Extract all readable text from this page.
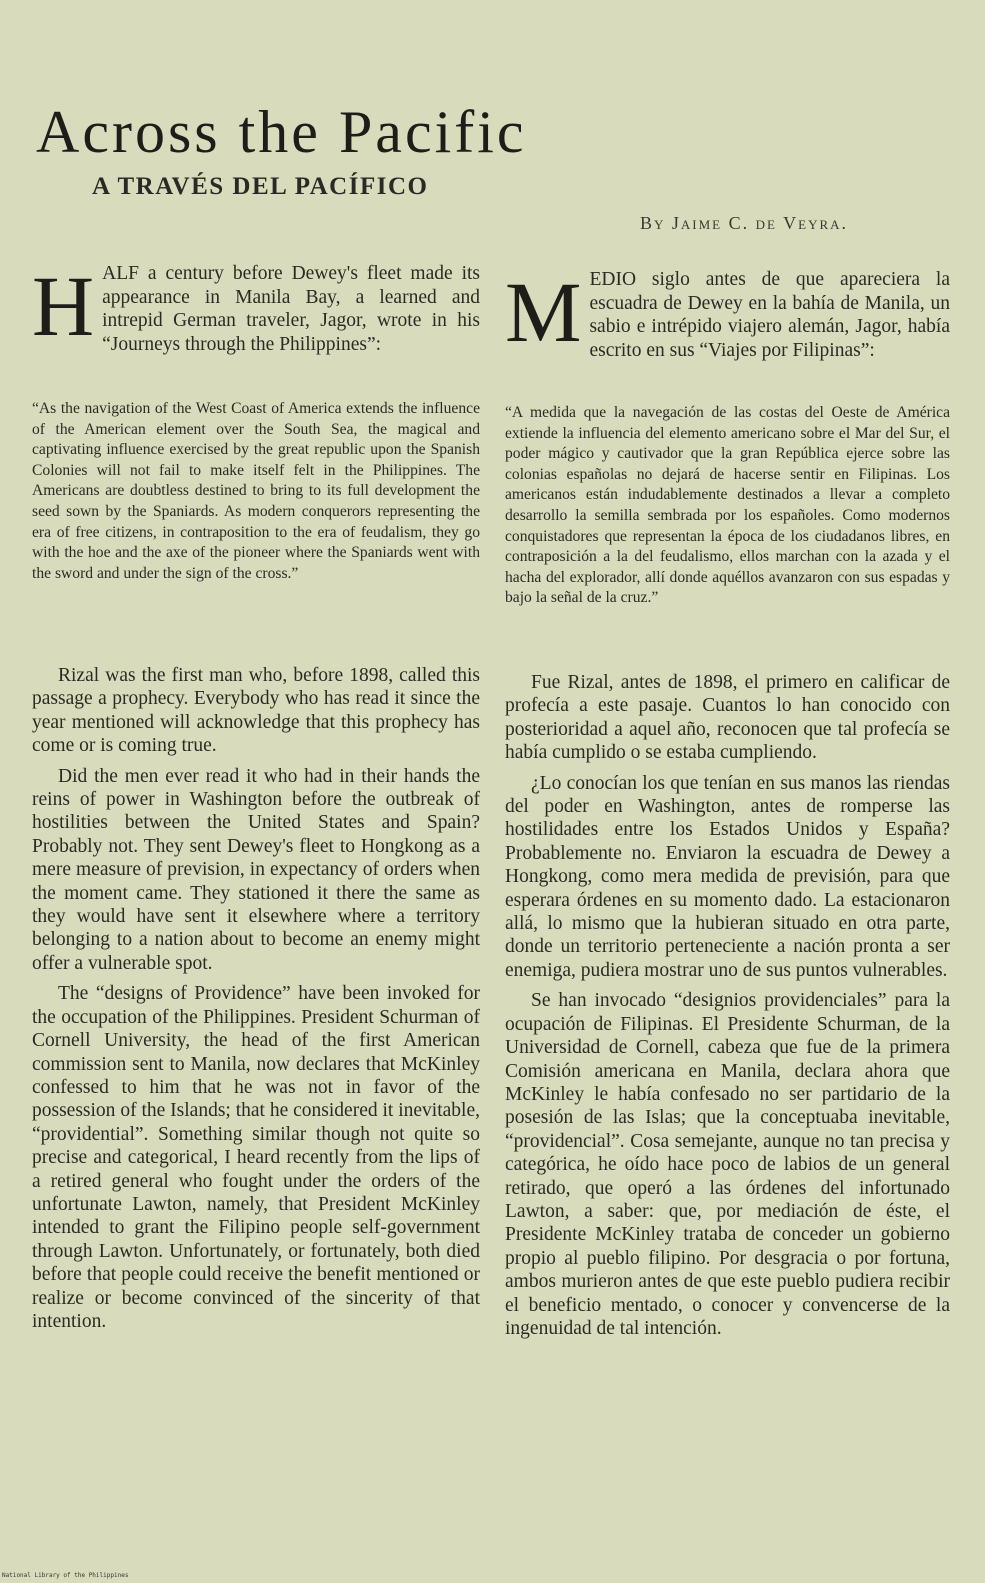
Across the Pacific
A TRAVÉS DEL PACÍFICO
By Jaime C. de Veyra.
HALF a century before Dewey's fleet made its appearance in Manila Bay, a learned and intrepid German traveler, Jagor, wrote in his “Journeys through the Philippines”:
“As the navigation of the West Coast of America extends the influence of the American element over the South Sea, the magical and captivating influence exercised by the great republic upon the Spanish Colonies will not fail to make itself felt in the Philippines. The Americans are doubtless destined to bring to its full development the seed sown by the Spaniards. As modern conquerors representing the era of free citizens, in contraposition to the era of feudalism, they go with the hoe and the axe of the pioneer where the Spaniards went with the sword and under the sign of the cross.”

Rizal was the first man who, before 1898, called this passage a prophecy. Everybody who has read it since the year mentioned will acknowledge that this prophecy has come or is coming true.

Did the men ever read it who had in their hands the reins of power in Washington before the outbreak of hostilities between the United States and Spain? Probably not. They sent Dewey's fleet to Hongkong as a mere measure of prevision, in expectancy of orders when the moment came. They stationed it there the same as they would have sent it elsewhere where a territory belonging to a nation about to become an enemy might offer a vulnerable spot.

The “designs of Providence” have been invoked for the occupation of the Philippines. President Schurman of Cornell University, the head of the first American commission sent to Manila, now declares that McKinley confessed to him that he was not in favor of the possession of the Islands; that he considered it inevitable, “providential”. Something similar though not quite so precise and categorical, I heard recently from the lips of a retired general who fought under the orders of the unfortunate Lawton, namely, that President McKinley intended to grant the Filipino people self-government through Lawton. Unfortunately, or fortunately, both died before that people could receive the benefit mentioned or realize or become convinced of the sincerity of that intention.

MEDIO siglo antes de que apareciera la escuadra de Dewey en la bahía de Manila, un sabio e intrépido viajero alemán, Jagor, había escrito en sus “Viajes por Filipinas”:
“A medida que la navegación de las costas del Oeste de América extiende la influencia del elemento americano sobre el Mar del Sur, el poder mágico y cautivador que la gran República ejerce sobre las colonias españolas no dejará de hacerse sentir en Filipinas. Los americanos están indudablemente destinados a llevar a completo desarrollo la semilla sembrada por los españoles. Como modernos conquistadores que representan la época de los ciudadanos libres, en contraposición a la del feudalismo, ellos marchan con la azada y el hacha del explorador, allí donde aquéllos avanzaron con sus espadas y bajo la señal de la cruz.”

Fue Rizal, antes de 1898, el primero en calificar de profecía a este pasaje. Cuantos lo han conocido con posterioridad a aquel año, reconocen que tal profecía se había cumplido o se estaba cumpliendo.

¿Lo conocían los que tenían en sus manos las riendas del poder en Washington, antes de romperse las hostilidades entre los Estados Unidos y España? Probablemente no. Enviaron la escuadra de Dewey a Hongkong, como mera medida de previsión, para que esperara órdenes en su momento dado. La estacionaron allá, lo mismo que la hubieran situado en otra parte, donde un territorio perteneciente a nación pronta a ser enemiga, pudiera mostrar uno de sus puntos vulnerables.

Se han invocado “designios providenciales” para la ocupación de Filipinas. El Presidente Schurman, de la Universidad de Cornell, cabeza que fue de la primera Comisión americana en Manila, declara ahora que McKinley le había confesado no ser partidario de la posesión de las Islas; que la conceptuaba inevitable, “providencial”. Cosa semejante, aunque no tan precisa y categórica, he oído hace poco de labios de un general retirado, que operó a las órdenes del infortunado Lawton, a saber: que, por mediación de éste, el Presidente McKinley trataba de conceder un gobierno propio al pueblo filipino. Por desgracia o por fortuna, ambos murieron antes de que este pueblo pudiera recibir el beneficio mentado, o conocer y convencerse de la ingenuidad de tal intención.

National Library of the Philippines
